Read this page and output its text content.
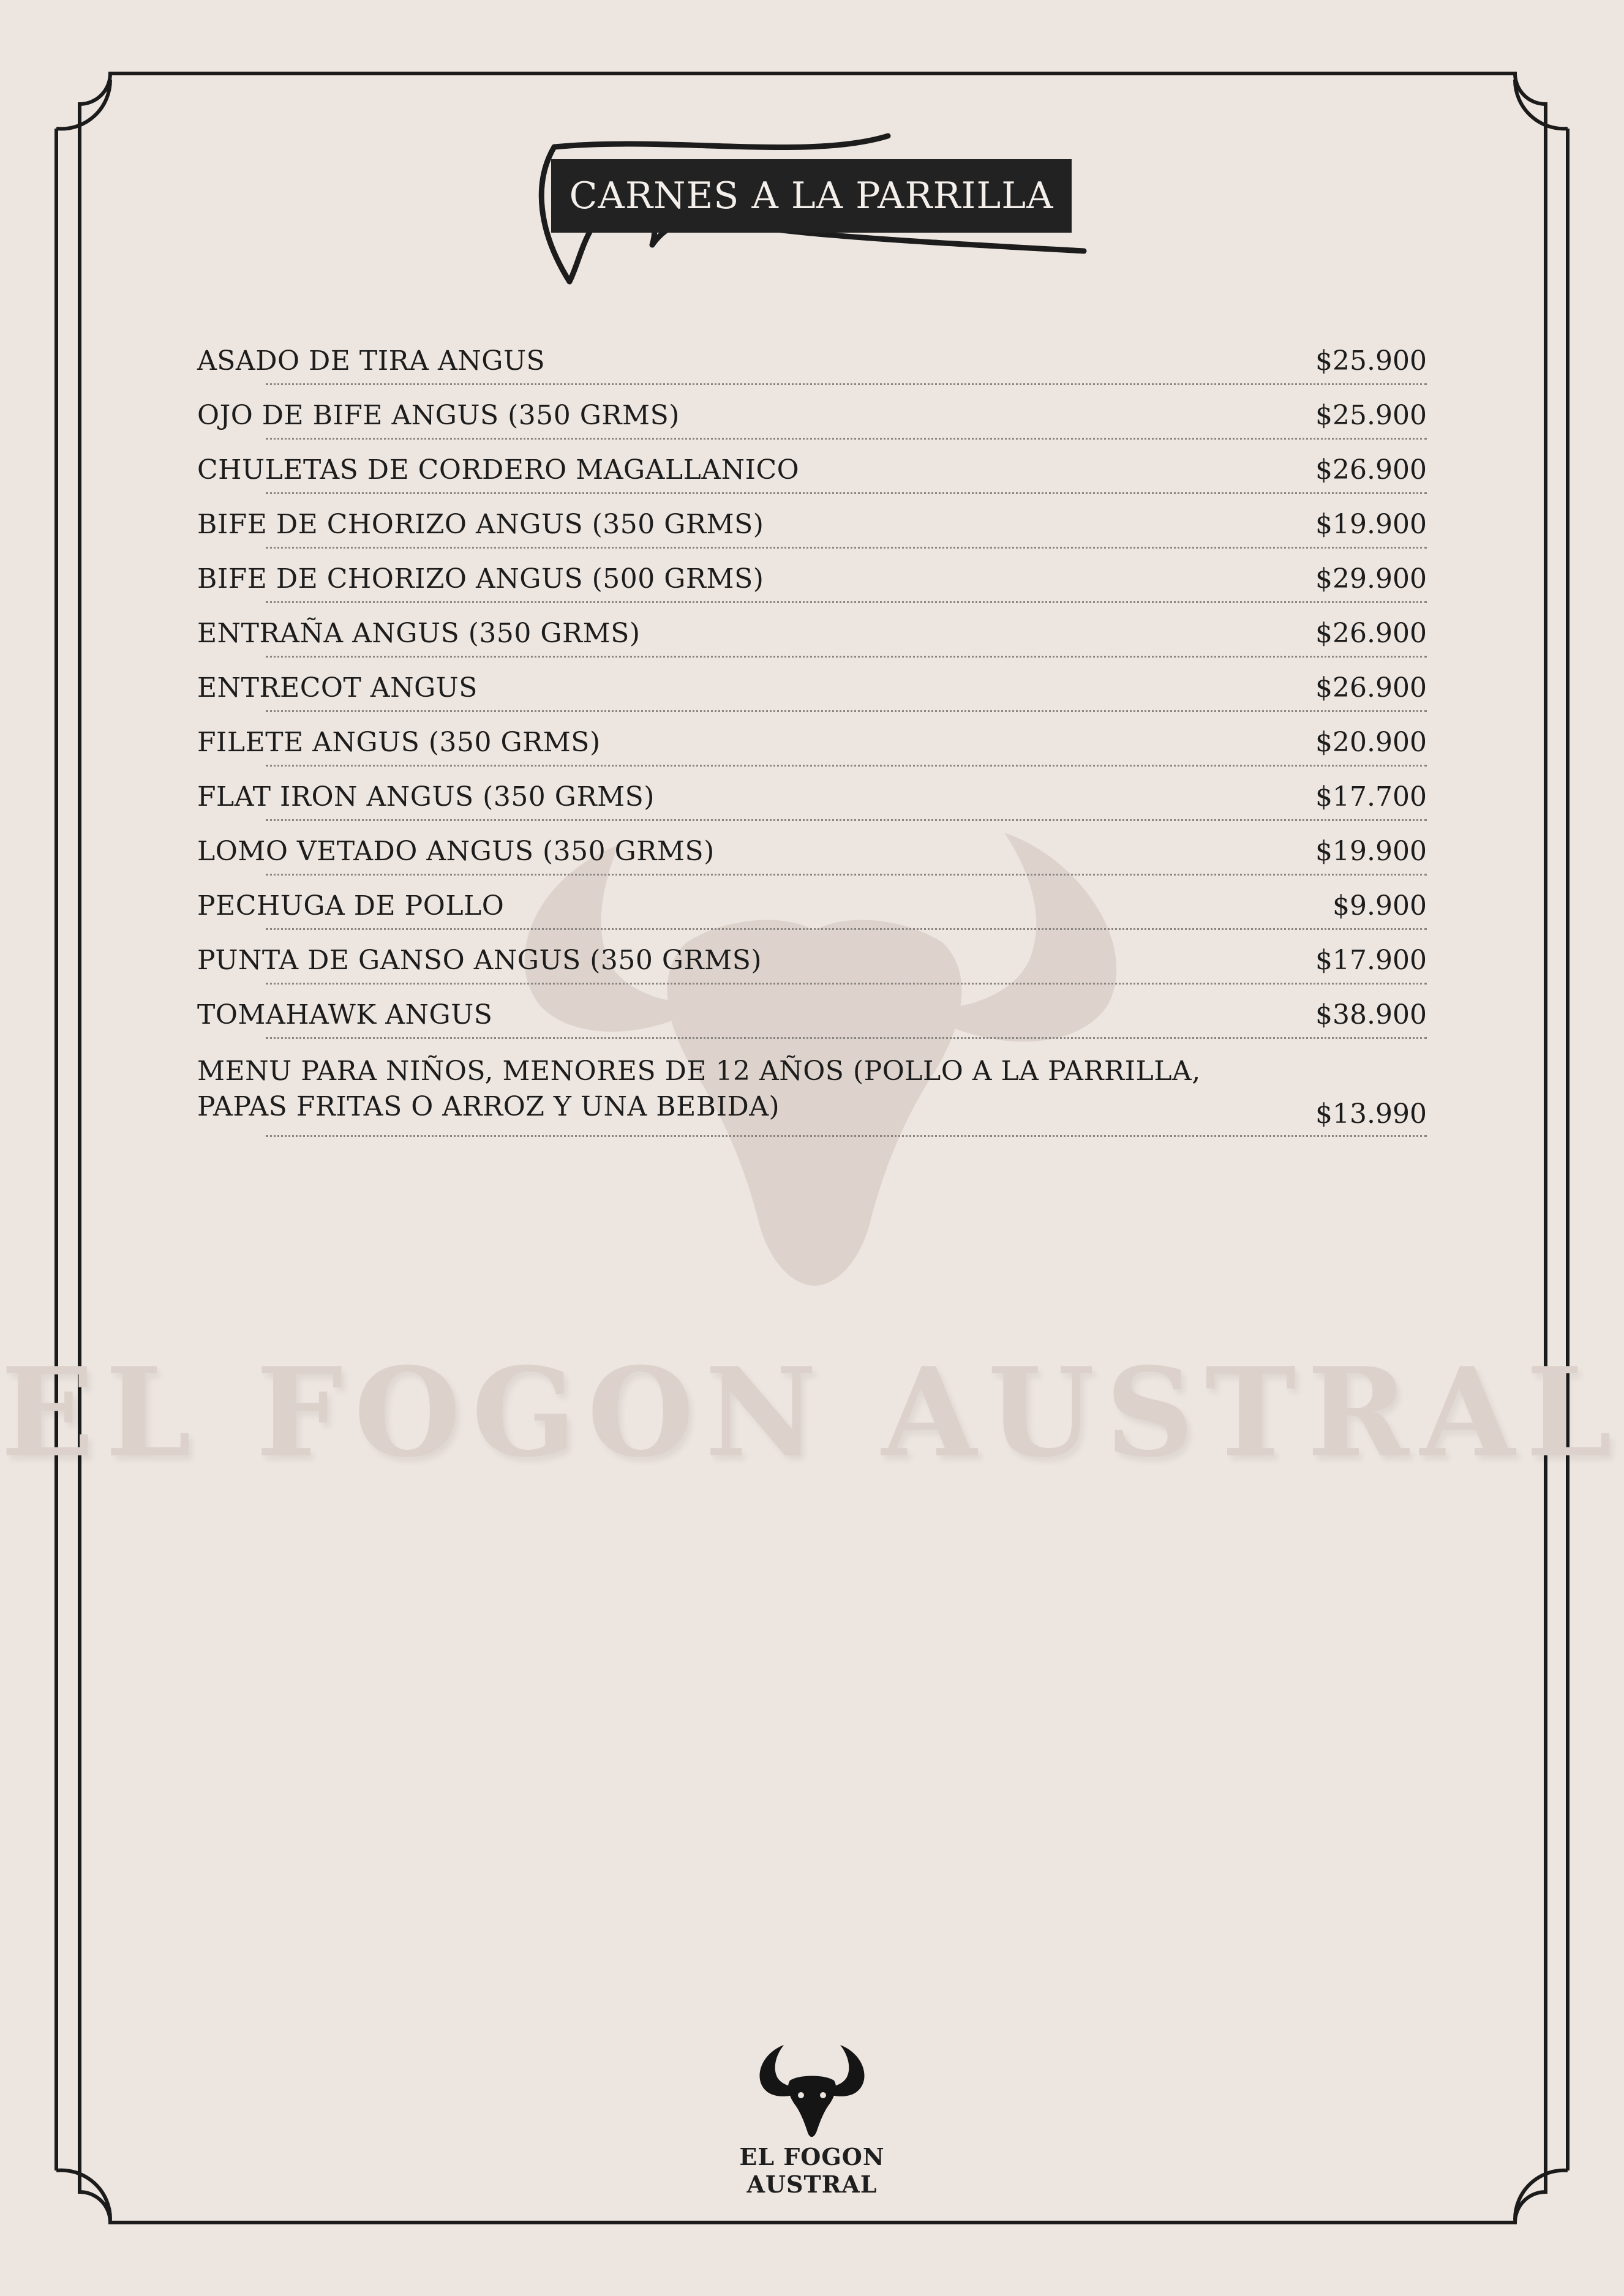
EL FOGON AUSTRAL
CARNES A LA PARRILLA
ASADO DE TIRA ANGUS	$25.900
OJO DE BIFE ANGUS (350 GRMS)	$25.900
CHULETAS DE CORDERO MAGALLANICO	$26.900
BIFE DE CHORIZO ANGUS (350 GRMS)	$19.900
BIFE DE CHORIZO ANGUS (500 GRMS)	$29.900
ENTRAÑA ANGUS (350 GRMS)	$26.900
ENTRECOT ANGUS	$26.900
FILETE ANGUS (350 GRMS)	$20.900
FLAT IRON ANGUS (350 GRMS)	$17.700
LOMO VETADO ANGUS (350 GRMS)	$19.900
PECHUGA DE POLLO	$9.900
PUNTA DE GANSO ANGUS (350 GRMS)	$17.900
TOMAHAWK ANGUS	$38.900
MENU PARA NIÑOS, MENORES DE 12 AÑOS (POLLO A LA PARRILLA, PAPAS FRITAS O ARROZ Y UNA BEBIDA)	$13.990
EL FOGON AUSTRAL
